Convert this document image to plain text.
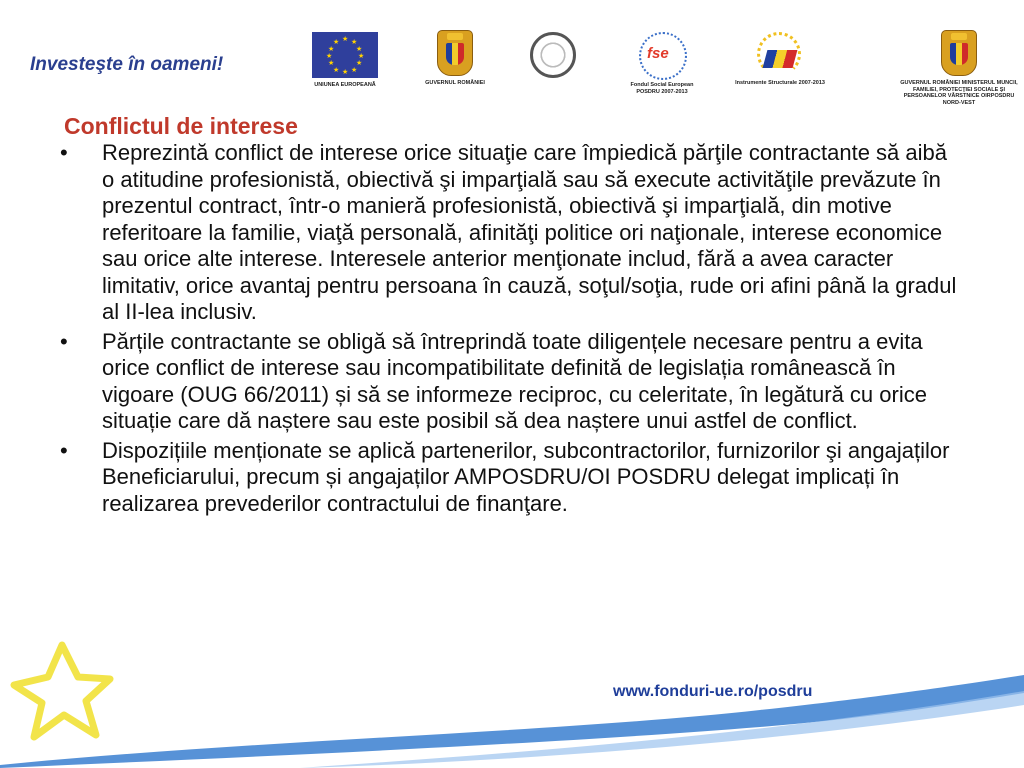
Investeşte în oameni!
★ ★
★
★
★
★
★
★
★
★
★
★
UNIUNEA EUROPEANĂ	GUVERNUL ROMÂNIEI
fse
Fondul Social European POSDRU 2007-2013
Instrumente Structurale 2007-2013	GUVERNUL ROMÂNIEI MINISTERUL MUNCII, FAMILIEI, PROTECŢIEI SOCIALE ŞI PERSOANELOR VÂRSTNICE OIRPOSDRU NORD-VEST
Conflictul de interese
• Reprezintă conflict de interese orice situaţie care împiedică părţile contractante să aibă o atitudine profesionistă, obiectivă şi imparţială sau să execute activităţile prevăzute în prezentul contract, într-o manieră profesionistă, obiectivă şi imparţială, din motive referitoare la familie, viaţă personală, afinităţi politice ori naţionale, interese economice sau orice alte interese. Interesele anterior menţionate includ, fără a avea caracter limitativ, orice avantaj pentru persoana în cauză, soţul/soţia, rude ori afini până la gradul al II-lea inclusiv.
• Părțile contractante se obligă să întreprindă toate diligențele necesare pentru a evita orice conflict de interese sau incompatibilitate definită de legislația românească în vigoare (OUG 66/2011) și să se informeze reciproc, cu celeritate, în legătură cu orice situație care dă naștere sau este posibil să dea naștere unui astfel de conflict.
• Dispozițiile menționate se aplică partenerilor, subcontractorilor, furnizorilor şi angajaților Beneficiarului, precum și angajaților AMPOSDRU/OI POSDRU delegat implicați în realizarea prevederilor contractului de finanţare.
www.fonduri-ue.ro/posdru
